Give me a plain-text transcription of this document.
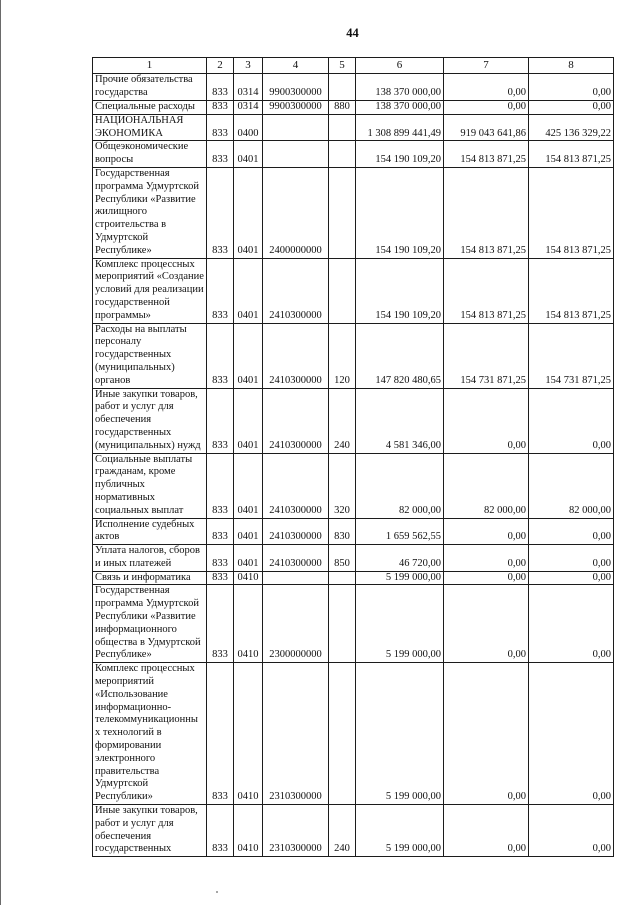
44
1	2	3	4	5	6	7	8
Прочие обязательства государства	833	0314	9900300000		138 370 000,00	0,00	0,00
Специальные расходы	833	0314	9900300000	880	138 370 000,00	0,00	0,00
НАЦИОНАЛЬНАЯ ЭКОНОМИКА	833	0400			1 308 899 441,49	919 043 641,86	425 136 329,22
Общеэкономические вопросы	833	0401			154 190 109,20	154 813 871,25	154 813 871,25
Государственная программа Удмуртской Республики «Развитие жилищного строительства в Удмуртской Республике»	833	0401	2400000000		154 190 109,20	154 813 871,25	154 813 871,25
Комплекс процессных мероприятий «Создание условий для реализации государственной программы»	833	0401	2410300000		154 190 109,20	154 813 871,25	154 813 871,25
Расходы на выплаты персоналу государственных (муниципальных) органов	833	0401	2410300000	120	147 820 480,65	154 731 871,25	154 731 871,25
Иные закупки товаров, работ и услуг для обеспечения государственных (муниципальных) нужд	833	0401	2410300000	240	4 581 346,00	0,00	0,00
Социальные выплаты гражданам, кроме публичных нормативных социальных выплат	833	0401	2410300000	320	82 000,00	82 000,00	82 000,00
Исполнение судебных актов	833	0401	2410300000	830	1 659 562,55	0,00	0,00
Уплата налогов, сборов и иных платежей	833	0401	2410300000	850	46 720,00	0,00	0,00
Связь и информатика	833	0410			5 199 000,00	0,00	0,00
Государственная программа Удмуртской Республики «Развитие информационного общества в Удмуртской Республике»	833	0410	2300000000		5 199 000,00	0,00	0,00
Комплекс процессных мероприятий «Использование информационно- телекоммуникационны х технологий в формировании электронного правительства Удмуртской Республики»	833	0410	2310300000		5 199 000,00	0,00	0,00
Иные закупки товаров, работ и услуг для обеспечения государственных	833	0410	2310300000	240	5 199 000,00	0,00	0,00
